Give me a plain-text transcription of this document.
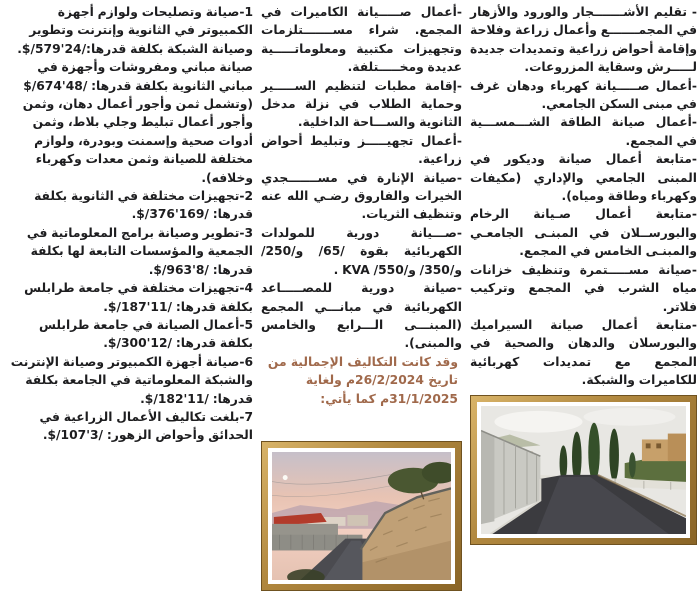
- تقليم الأشـــــــجار والورود والأزهار في المجمـــــــع وأعمال زراعة وفلاحة وإقامة أحواض زراعية وتمديدات جديدة لـــــرش وسقاية المزروعات.

-أعمال صـــــيانة كهرباء ودهان غرف في مبنى السكن الجامعي.

-أعمال صيانة الطاقة الشـــمســـية في المجمع.

-متابعة أعمال صيانة وديكور في المبنى الجامعي والإداري (مكيفات وكهرباء وطاقة ومياه).

-متابعة أعمال صـيانة الرخام والبورســلان في المبنـى الجامعـي والمبنـى الخامس في المجمع.

-صيانة مســـــتمرة وتنظيف خزانات مياه الشرب في المجمع وتركيب فلاتر.

-متابعة أعمال صيانة السيراميك والبورسلان والدهان والصحية في المجمع مع تمديدات كهربائية للكاميرات والشبكة.

-أعمال صـــــيانة الكاميرات في المجمع. شراء مســـــــتلزمات وتجهيزات مكتبية ومعلوماتـــــية عديدة ومخـــــتلفة.

-إقامة مطبات لتنظيم الســـــير وحماية الطلاب في نزلة مدخل الثانوية والســـاحة الداخلية.

-أعمال تجهيـــــز وتبليط أحواض زراعية.

-صيانة الإنارة في مســـــــجدي الخيرات والفاروق رضـي الله عنه وتنظيف الثريات.

-صـــيانة دورية للمولدات الكهربائية بقوة /65/ و/250/ و/350/ و/550/ KVA .

-صيانة دورية للمصـــــاعد الكهربائية في مبانـــي المجمع (المبنـــى الـــرابع والخامس والمبنى).

وقد كانت التكاليف الإجمالية من تاريخ 26/2/2024م ولغاية 31/1/2025م كما يأتي:

1-صيانة وتصليحات ولوازم أجهزة الكمبيوتر في الثانوية وإنترنت وتطوير وصيانة الشبكة بكلفة قدرها:/24'579/$. صيانة مباني ومفروشات وأجهزة في مباني الثانوية بكلفة قدرها: /48'674/$ (وتشمل ثمن وأجور أعمال دهان، وثمن وأجور أعمال تبليط وجلي بلاط، وثمن أدوات صحية وإسمنت وبودرة، ولوازم مختلفة للصيانة وثمن معدات وكهرباء وخلافه).

2-تجهيزات مختلفة في الثانوية بكلفة قدرها: /169'376/$.

3-تطوير وصيانة برامج المعلوماتية في الجمعية والمؤسسات التابعة لها بكلفة قدرها: /8'963/$.

4-تجهيزات مختلفة في جامعة طرابلس بكلفة قدرها: /11'187/$.

5-أعمال الصيانة في جامعة طرابلس بكلفة قدرها: /12'300/$.

6-صيانة أجهزة الكمبيوتر وصيانة الإنترنت والشبكة المعلوماتية في الجامعة بكلفة قدرها: /11'182/$.

7-بلغت تكاليف الأعمال الزراعية في الحدائق وأحواض الزهور: /3'107/$.
